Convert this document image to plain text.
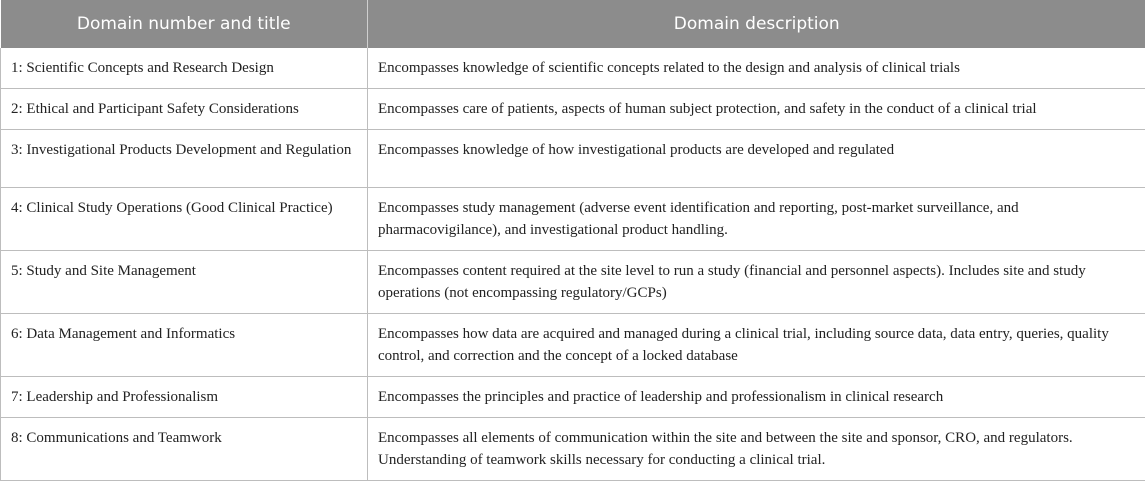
Domain number and title	Domain description
1: Scientific Concepts and Research Design	Encompasses knowledge of scientific concepts related to the design and analysis of clinical trials
2: Ethical and Participant Safety Considerations	Encompasses care of patients, aspects of human subject protection, and safety in the conduct of a clinical trial
3: Investigational Products Development and Regulation	Encompasses knowledge of how investigational products are developed and regulated
4: Clinical Study Operations (Good Clinical Practice)	Encompasses study management (adverse event identification and reporting, post-market surveillance, and pharmacovigilance), and investigational product handling.
5: Study and Site Management	Encompasses content required at the site level to run a study (financial and personnel aspects). Includes site and study operations (not encompassing regulatory/GCPs)
6: Data Management and Informatics	Encompasses how data are acquired and managed during a clinical trial, including source data, data entry, queries, quality control, and correction and the concept of a locked database
7: Leadership and Professionalism	Encompasses the principles and practice of leadership and professionalism in clinical research
8: Communications and Teamwork	Encompasses all elements of communication within the site and between the site and sponsor, CRO, and regulators. Understanding of teamwork skills necessary for conducting a clinical trial.
